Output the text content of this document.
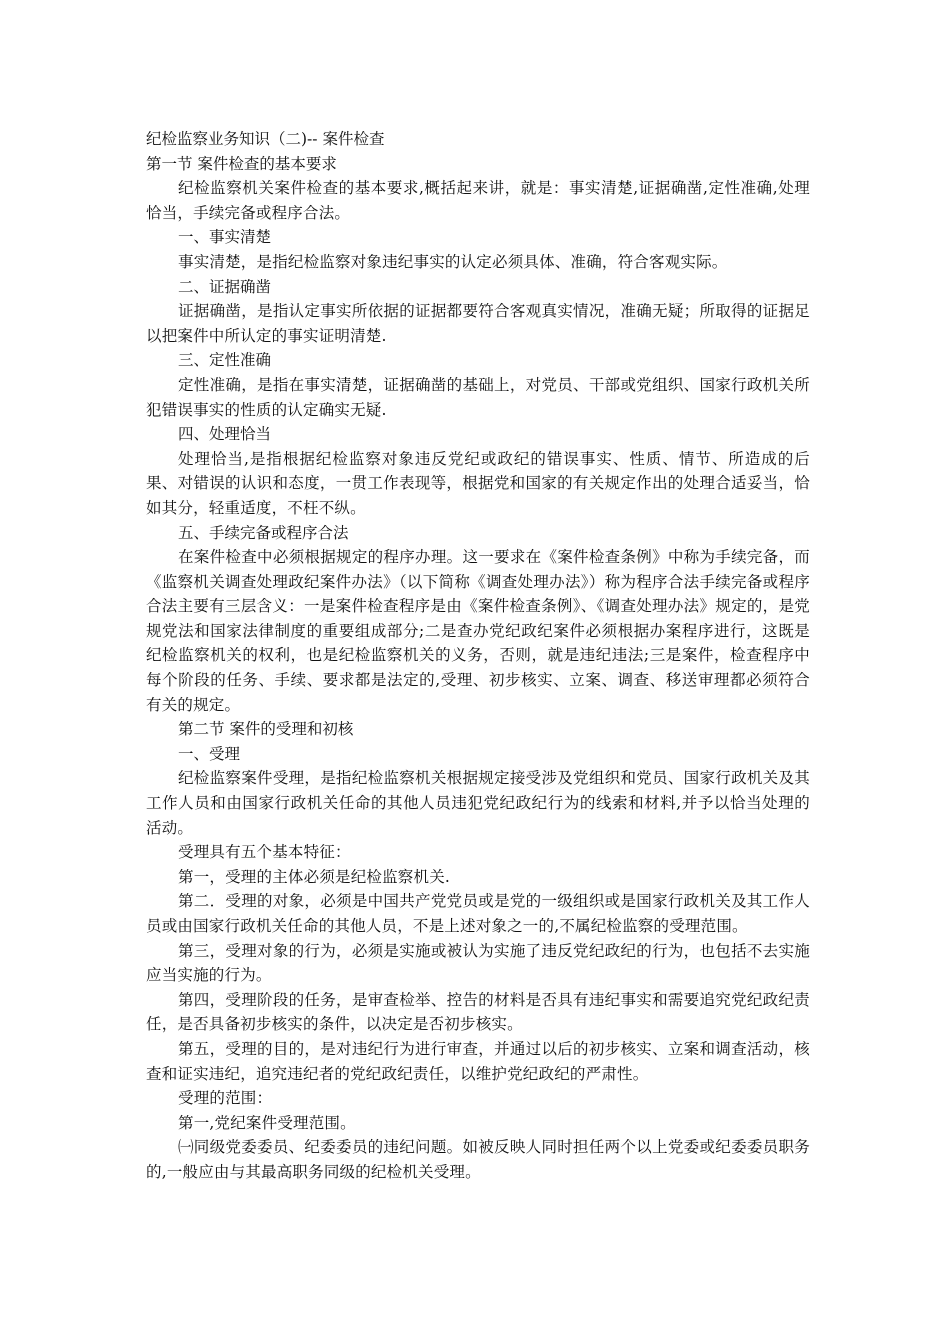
纪检监察业务知识（二)-- 案件检查

第一节 案件检查的基本要求

纪检监察机关案件检查的基本要求,概括起来讲，就是：事实清楚,证据确凿,定性准确,处理恰当，手续完备或程序合法。

一、事实清楚

事实清楚，是指纪检监察对象违纪事实的认定必须具体、准确，符合客观实际。

二、证据确凿

证据确凿，是指认定事实所依据的证据都要符合客观真实情况，准确无疑；所取得的证据足以把案件中所认定的事实证明清楚.

三、定性准确

定性准确，是指在事实清楚，证据确凿的基础上，对党员、干部或党组织、国家行政机关所犯错误事实的性质的认定确实无疑.

四、处理恰当

处理恰当,是指根据纪检监察对象违反党纪或政纪的错误事实、性质、情节、所造成的后果、对错误的认识和态度，一贯工作表现等，根据党和国家的有关规定作出的处理合适妥当，恰如其分，轻重适度，不枉不纵。

五、手续完备或程序合法

在案件检查中必须根据规定的程序办理。这一要求在《案件检查条例》中称为手续完备，而《监察机关调查处理政纪案件办法》（以下简称《调查处理办法》）称为程序合法手续完备或程序合法主要有三层含义：一是案件检查程序是由《案件检查条例》、《调查处理办法》规定的，是党规党法和国家法律制度的重要组成部分;二是查办党纪政纪案件必须根据办案程序进行，这既是纪检监察机关的权利，也是纪检监察机关的义务，否则，就是违纪违法;三是案件，检查程序中每个阶段的任务、手续、要求都是法定的,受理、初步核实、立案、调查、移送审理都必须符合有关的规定。

第二节 案件的受理和初核

一、受理

纪检监察案件受理，是指纪检监察机关根据规定接受涉及党组织和党员、国家行政机关及其工作人员和由国家行政机关任命的其他人员违犯党纪政纪行为的线索和材料,并予以恰当处理的活动。

受理具有五个基本特征：

第一，受理的主体必须是纪检监察机关.

第二．受理的对象，必须是中国共产党党员或是党的一级组织或是国家行政机关及其工作人员或由国家行政机关任命的其他人员，不是上述对象之一的,不属纪检监察的受理范围。

第三，受理对象的行为，必须是实施或被认为实施了违反党纪政纪的行为，也包括不去实施应当实施的行为。

第四，受理阶段的任务，是审查检举、控告的材料是否具有违纪事实和需要追究党纪政纪责任，是否具备初步核实的条件，以决定是否初步核实。

第五，受理的目的，是对违纪行为进行审查，并通过以后的初步核实、立案和调查活动，核查和证实违纪，追究违纪者的党纪政纪责任，以维护党纪政纪的严肃性。

受理的范围：

第一,党纪案件受理范围。

㈠同级党委委员、纪委委员的违纪问题。如被反映人同时担任两个以上党委或纪委委员职务的,一般应由与其最高职务同级的纪检机关受理。
